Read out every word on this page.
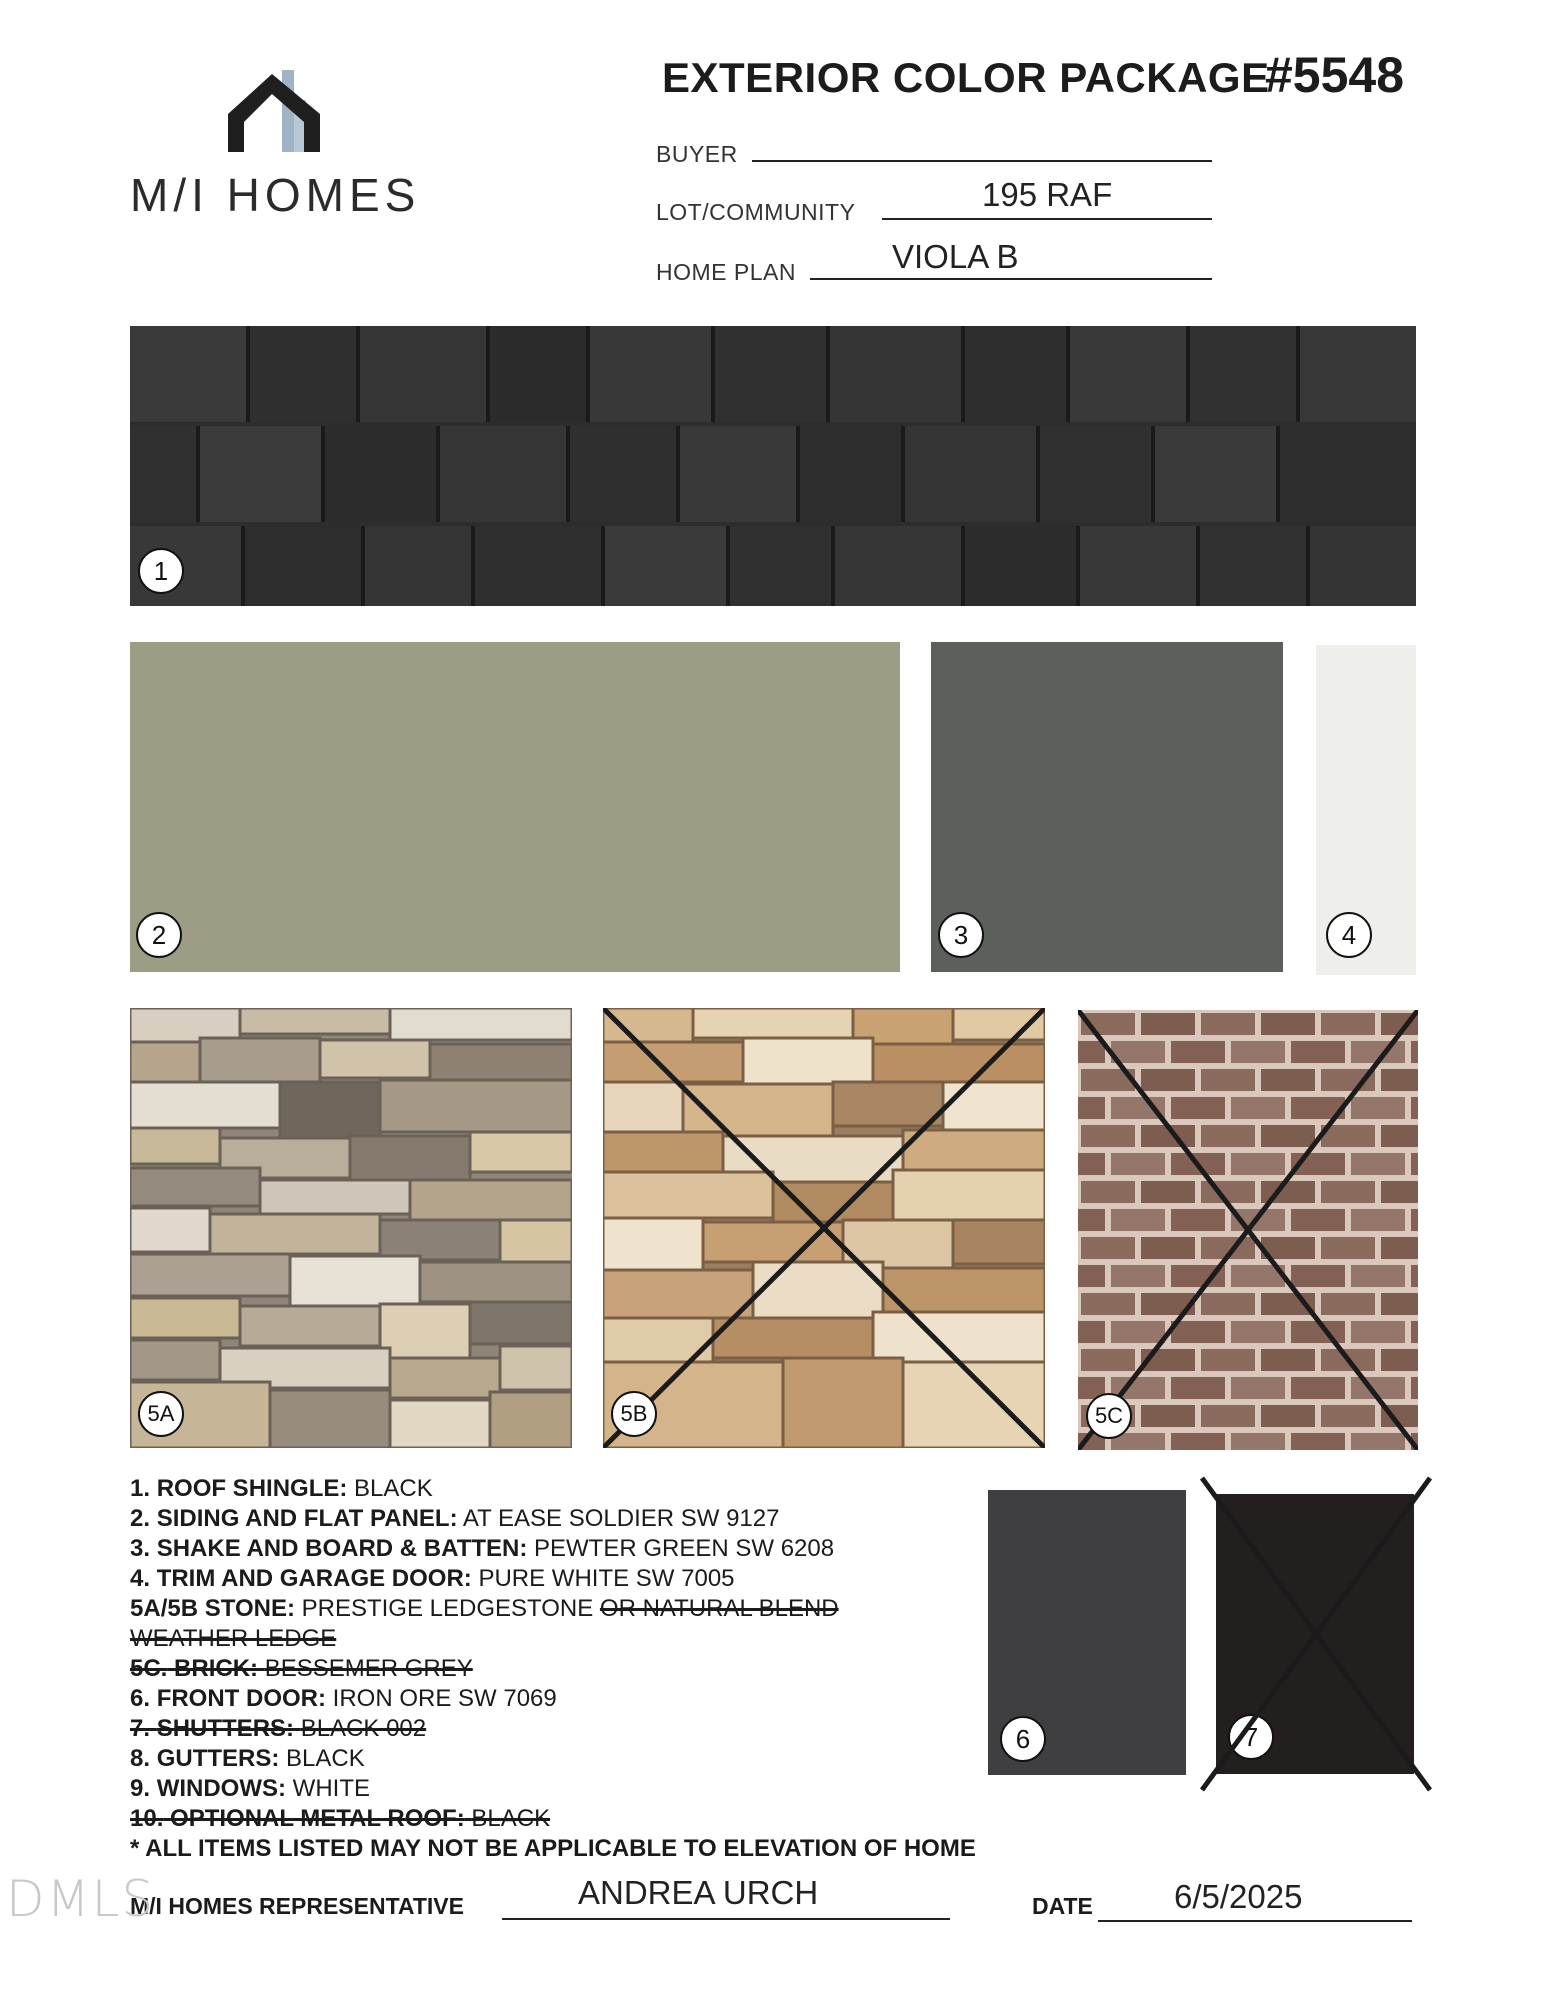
M/I HOMES
EXTERIOR COLOR PACKAGE
#5548
BUYER
LOT/COMMUNITY	195 RAF
HOME PLAN	VIOLA B
1
2	3	4
5A	5B	5C
1. ROOF SHINGLE: BLACK
2. SIDING AND FLAT PANEL: AT EASE SOLDIER SW 9127
3. SHAKE AND BOARD & BATTEN: PEWTER GREEN SW 6208
4. TRIM AND GARAGE DOOR: PURE WHITE SW 7005
5A/5B STONE: PRESTIGE LEDGESTONE OR NATURAL BLEND
WEATHER LEDGE
5C. BRICK: BESSEMER GREY
6. FRONT DOOR: IRON ORE SW 7069
7. SHUTTERS: BLACK 002
8. GUTTERS: BLACK
9. WINDOWS: WHITE
10. OPTIONAL METAL ROOF: BLACK
* ALL ITEMS LISTED MAY NOT BE APPLICABLE TO ELEVATION OF HOME
6	7
M/I HOMES REPRESENTATIVE	ANDREA URCH	DATE 6/5/2025
DMLS
